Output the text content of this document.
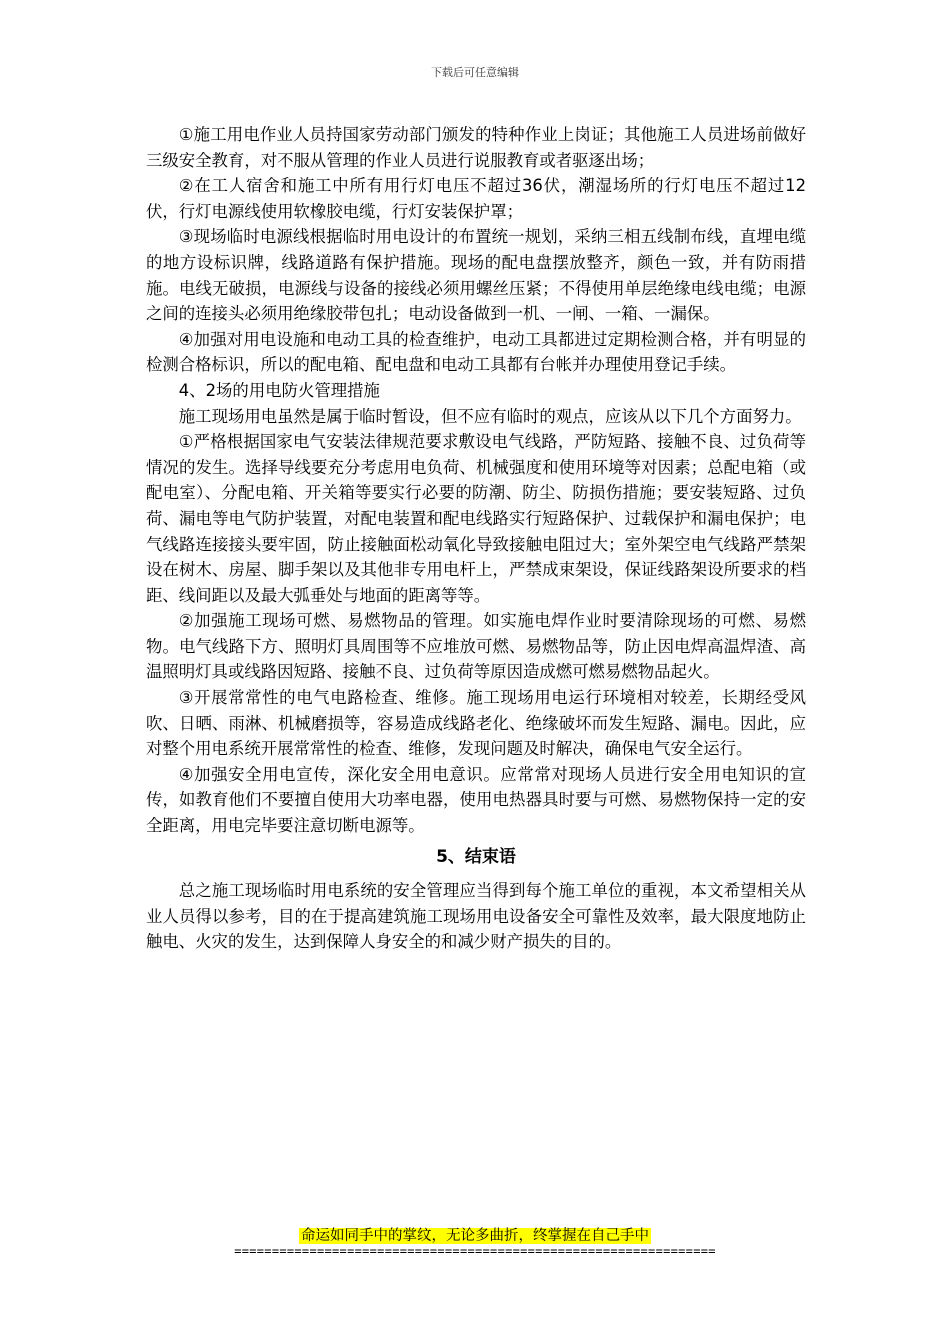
下载后可任意编辑

①施工用电作业人员持国家劳动部门颁发的特种作业上岗证；其他施工人员进场前做好三级安全教育，对不服从管理的作业人员进行说服教育或者驱逐出场；

②在工人宿舍和施工中所有用行灯电压不超过36伏，潮湿场所的行灯电压不超过12伏，行灯电源线使用软橡胶电缆，行灯安装保护罩；

③现场临时电源线根据临时用电设计的布置统一规划，采纳三相五线制布线，直埋电缆的地方设标识牌，线路道路有保护措施。现场的配电盘摆放整齐，颜色一致，并有防雨措施。电线无破损，电源线与设备的接线必须用螺丝压紧；不得使用单层绝缘电线电缆；电源之间的连接头必须用绝缘胶带包扎；电动设备做到一机、一闸、一箱、一漏保。

④加强对用电设施和电动工具的检查维护，电动工具都进过定期检测合格，并有明显的检测合格标识，所以的配电箱、配电盘和电动工具都有台帐并办理使用登记手续。

4、2场的用电防火管理措施

施工现场用电虽然是属于临时暂设，但不应有临时的观点，应该从以下几个方面努力。

①严格根据国家电气安装法律规范要求敷设电气线路，严防短路、接触不良、过负荷等情况的发生。选择导线要充分考虑用电负荷、机械强度和使用环境等对因素；总配电箱（或配电室）、分配电箱、开关箱等要实行必要的防潮、防尘、防损伤措施；要安装短路、过负荷、漏电等电气防护装置，对配电装置和配电线路实行短路保护、过载保护和漏电保护；电气线路连接接头要牢固，防止接触面松动氧化导致接触电阻过大；室外架空电气线路严禁架设在树木、房屋、脚手架以及其他非专用电杆上，严禁成束架设，保证线路架设所要求的档距、线间距以及最大弧垂处与地面的距离等等。

②加强施工现场可燃、易燃物品的管理。如实施电焊作业时要清除现场的可燃、易燃物。电气线路下方、照明灯具周围等不应堆放可燃、易燃物品等，防止因电焊高温焊渣、高温照明灯具或线路因短路、接触不良、过负荷等原因造成燃可燃易燃物品起火。

③开展常常性的电气电路检查、维修。施工现场用电运行环境相对较差，长期经受风吹、日晒、雨淋、机械磨损等，容易造成线路老化、绝缘破坏而发生短路、漏电。因此，应对整个用电系统开展常常性的检查、维修，发现问题及时解决，确保电气安全运行。

④加强安全用电宣传，深化安全用电意识。应常常对现场人员进行安全用电知识的宣传，如教育他们不要擅自使用大功率电器，使用电热器具时要与可燃、易燃物保持一定的安全距离，用电完毕要注意切断电源等。

5、结束语

总之施工现场临时用电系统的安全管理应当得到每个施工单位的重视，本文希望相关从业人员得以参考，目的在于提高建筑施工现场用电设备安全可靠性及效率，最大限度地防止触电、火灾的发生，达到保障人身安全的和减少财产损失的目的。

命运如同手中的掌纹，无论多曲折，终掌握在自己手中
================================================================
